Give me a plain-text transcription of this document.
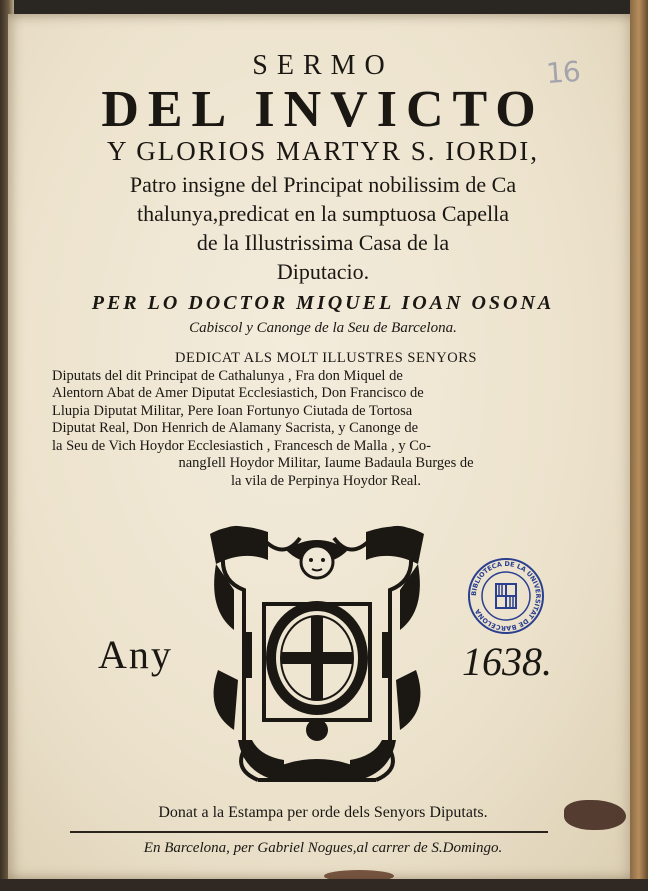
16
SERMO
DEL INVICTO
Y GLORIOS MARTYR S. IORDI,
Patro insigne del Principat nobilissim de Ca
thalunya,predicat en la sumptuosa Capella
de la Illustrissima Casa de la
Diputacio.
PER LO DOCTOR MIQUEL IOAN OSONA
Cabiscol y Canonge de la Seu de Barcelona.

DEDICAT ALS MOLT ILLUSTRES SENYORS

Diputats del dit Principat de Cathalunya , Fra don Miquel de

Alentorn Abat de Amer Diputat Ecclesiastich, Don Francisco de

Llupia Diputat Militar, Pere Ioan Fortunyo Ciutada de Tortosa

Diputat Real, Don Henrich de Alamany Sacrista, y Canonge de

la Seu de Vich Hoydor Ecclesiastich , Francesch de Malla , y Co-

nangIell Hoydor Militar, Iaume Badaula Burges de

la vila de Perpinya Hoydor Real.

Any	1638.
BIBLIOTECA DE LA UNIVERSITAT DE BARCELONA
Donat a la Estampa per orde dels Senyors Diputats.
En Barcelona, per Gabriel Nogues,al carrer de S.Domingo.
